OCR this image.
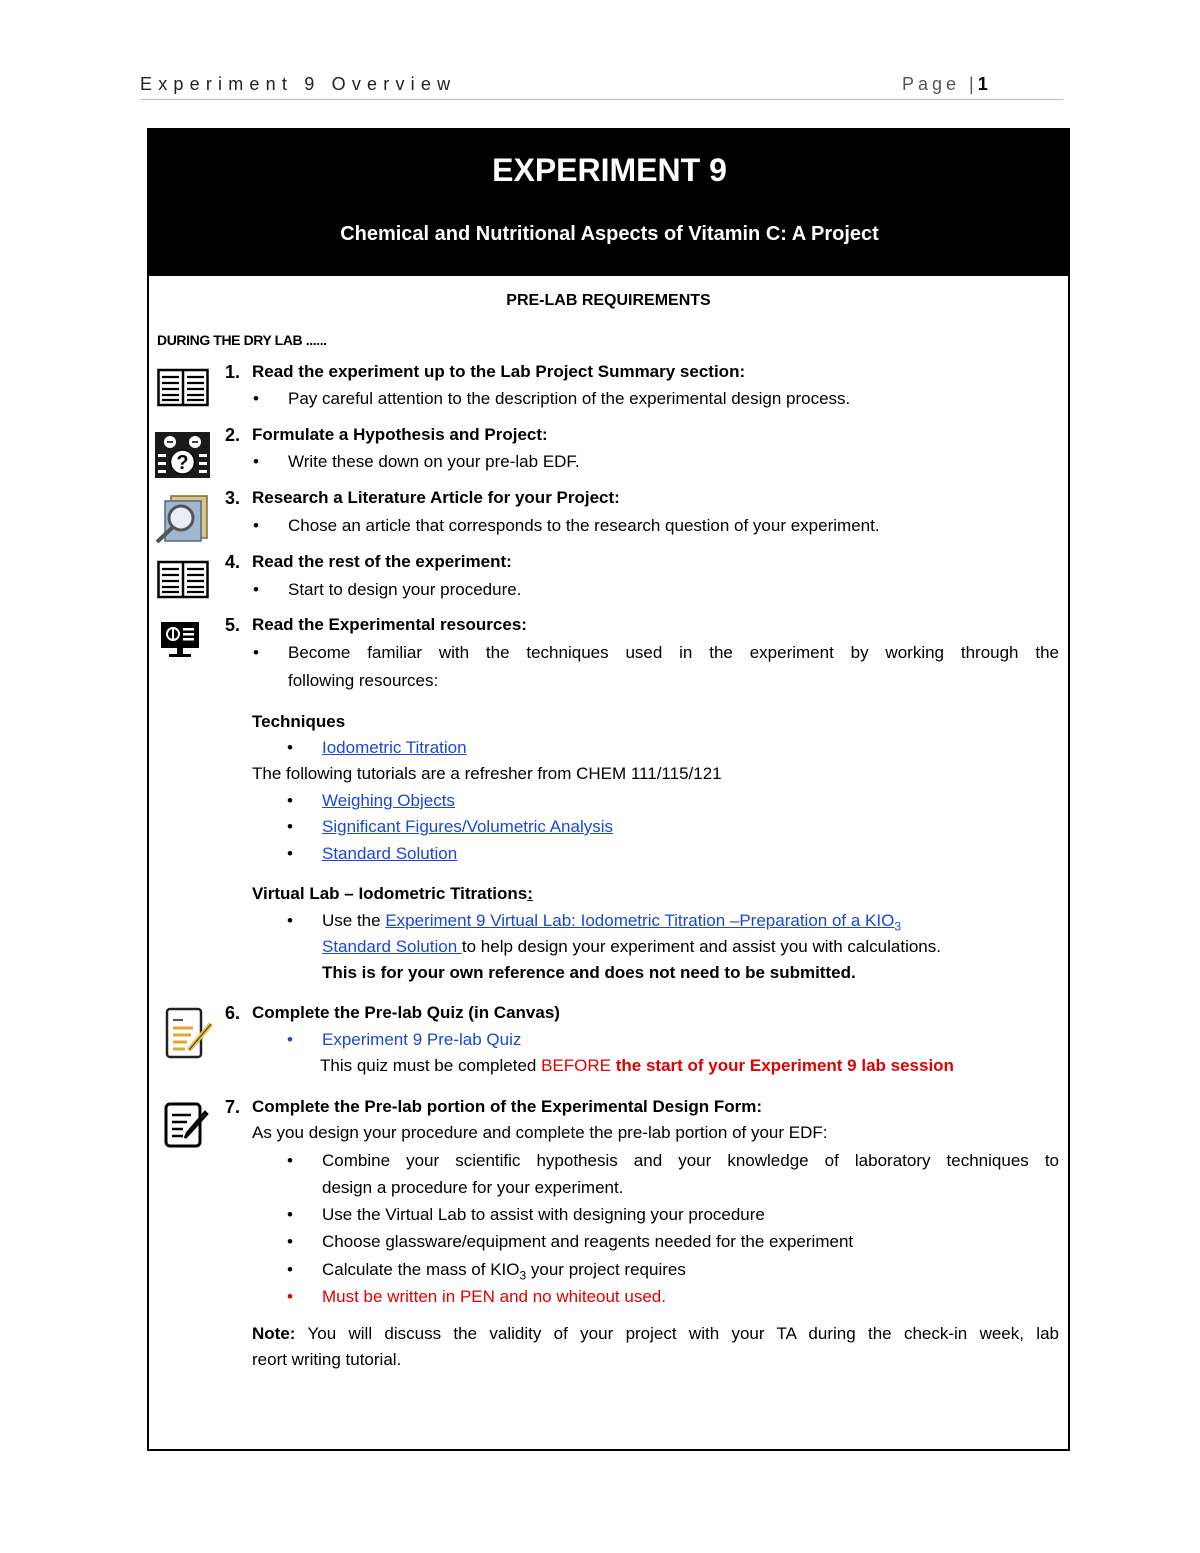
Experiment 9 Overview	Page |1
EXPERIMENT 9
Chemical and Nutritional Aspects of Vitamin C: A Project
PRE-LAB REQUIREMENTS
DURING THE DRY LAB ......
1. Read the experiment up to the Lab Project Summary section:
• Pay careful attention to the description of the experimental design process.
?
2. Formulate a Hypothesis and Project:
• Write these down on your pre-lab EDF.
3. Research a Literature Article for your Project:
• Chose an article that corresponds to the research question of your experiment.
4. Read the rest of the experiment:
• Start to design your procedure.
5. Read the Experimental resources:
• Become familiar with the techniques used in the experiment by working through the
following resources:
Techniques
• Iodometric Titration
The following tutorials are a refresher from CHEM 111/115/121
• Weighing Objects
• Significant Figures/Volumetric Analysis
• Standard Solution
Virtual Lab – Iodometric Titrations:
• Use the Experiment 9 Virtual Lab: Iodometric Titration –Preparation of a $KIO_3$
Standard Solution to help design your experiment and assist you with calculations.
This is for your own reference and does not need to be submitted.
6. Complete the Pre-lab Quiz (in Canvas)
• Experiment 9 Pre-lab Quiz
This quiz must be completed BEFORE the start of your Experiment 9 lab session
7. Complete the Pre-lab portion of the Experimental Design Form:
As you design your procedure and complete the pre-lab portion of your EDF:
• Combine your scientific hypothesis and your knowledge of laboratory techniques to
design a procedure for your experiment.
• Use the Virtual Lab to assist with designing your procedure
• Choose glassware/equipment and reagents needed for the experiment
• Calculate the mass of $KIO_3$ your project requires
• Must be written in PEN and no whiteout used.
Note: You will discuss the validity of your project with your TA during the check-in week, lab
reort writing tutorial.
